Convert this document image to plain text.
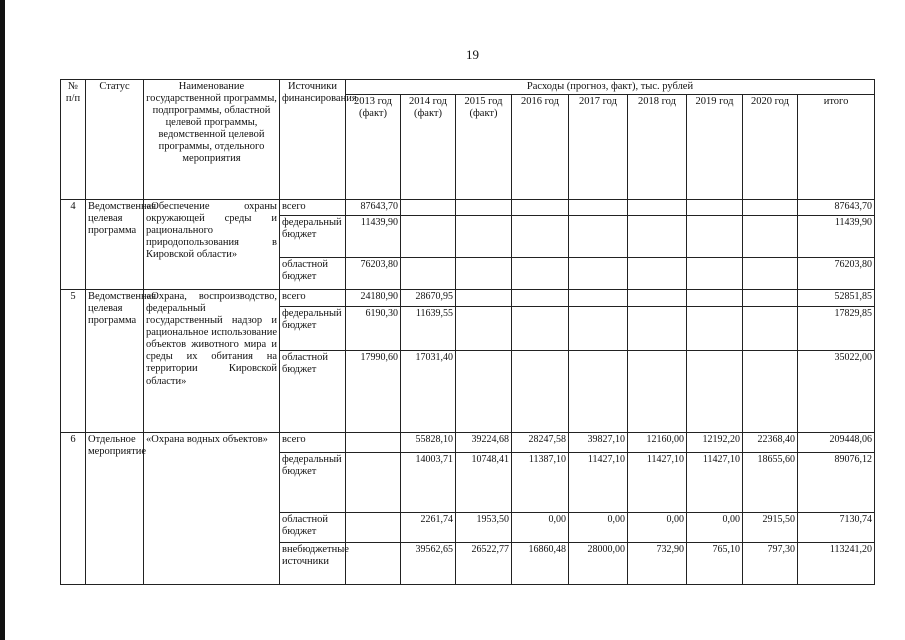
19
№ п/п	Статус	Наименование государственной программы, подпрограммы, областной целевой программы, ведомственной целевой программы, отдельного мероприятия	Источники финансирования	Расходы (прогноз, факт), тыс. рублей								
				2013 год (факт)	2014 год (факт)	2015 год (факт)	2016 год	2017 год	2018 год	2019 год	2020 год	итого
4	Ведомственная целевая программа	«Обеспечение охраны окружающей среды и рационального природопользования в Кировской области»	всего	87643,70								87643,70
			федеральный бюджет	11439,90								11439,90
			областной бюджет	76203,80								76203,80
5	Ведомственная целевая программа	«Охрана, воспроизводство, федеральный государственный надзор и рациональное использование объектов животного мира и среды их обитания на территории Кировской области»	всего	24180,90	28670,95							52851,85
			федеральный бюджет	6190,30	11639,55							17829,85
			областной бюджет	17990,60	17031,40							35022,00
6	Отдельное мероприятие	«Охрана водных объектов»	всего		55828,10	39224,68	28247,58	39827,10	12160,00	12192,20	22368,40	209448,06
			федеральный бюджет		14003,71	10748,41	11387,10	11427,10	11427,10	11427,10	18655,60	89076,12
			областной бюджет		2261,74	1953,50	0,00	0,00	0,00	0,00	2915,50	7130,74
			внебюджетные источники		39562,65	26522,77	16860,48	28000,00	732,90	765,10	797,30	113241,20
